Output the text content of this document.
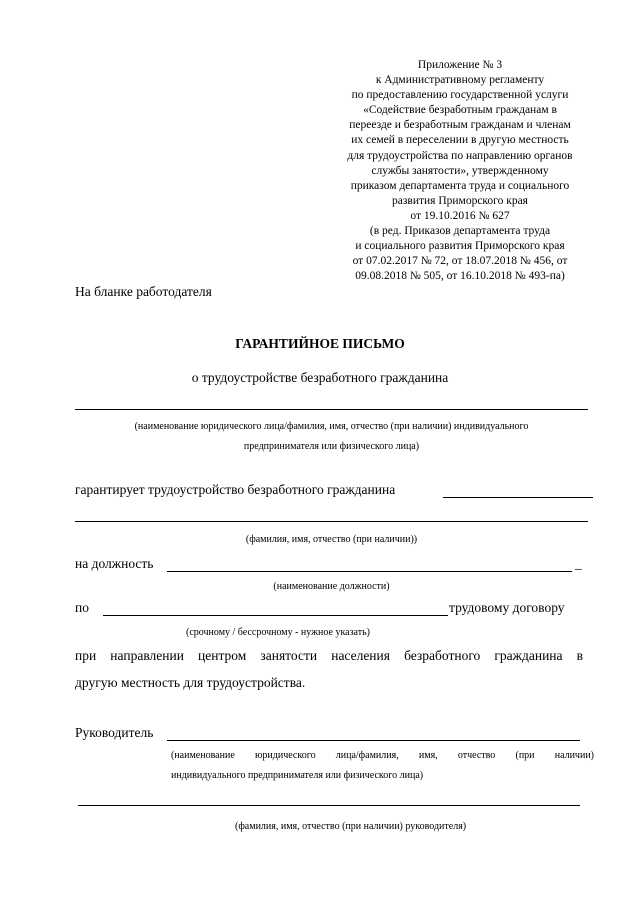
Приложение № 3
к Административному регламенту
по предоставлению государственной услуги
«Содействие безработным гражданам в
переезде и безработным гражданам и членам
их семей в переселении в другую местность
для трудоустройства по направлению органов
службы занятости», утвержденному
приказом департамента труда и социального
развития Приморского края
от 19.10.2016 № 627
(в ред. Приказов департамента труда
и социального развития Приморского края
от 07.02.2017 № 72, от 18.07.2018 № 456, от
09.08.2018 № 505, от 16.10.2018 № 493-па)
На бланке работодателя
ГАРАНТИЙНОЕ ПИСЬМО
о трудоустройстве безработного гражданина
(наименование юридического лица/фамилия, имя, отчество (при наличии) индивидуального
предпринимателя или физического лица)
гарантирует трудоустройство безработного гражданина
(фамилия, имя, отчество (при наличии))
на должность	_
(наименование должности)
по	трудовому договору
(срочному / бессрочному - нужное указать)
при направлении центром занятости населения безработного гражданина в
другую местность для трудоустройства.
Руководитель
(наименование юридического лица/фамилия, имя, отчество (при наличии)
индивидуального предпринимателя или физического лица)
(фамилия, имя, отчество (при наличии) руководителя)
